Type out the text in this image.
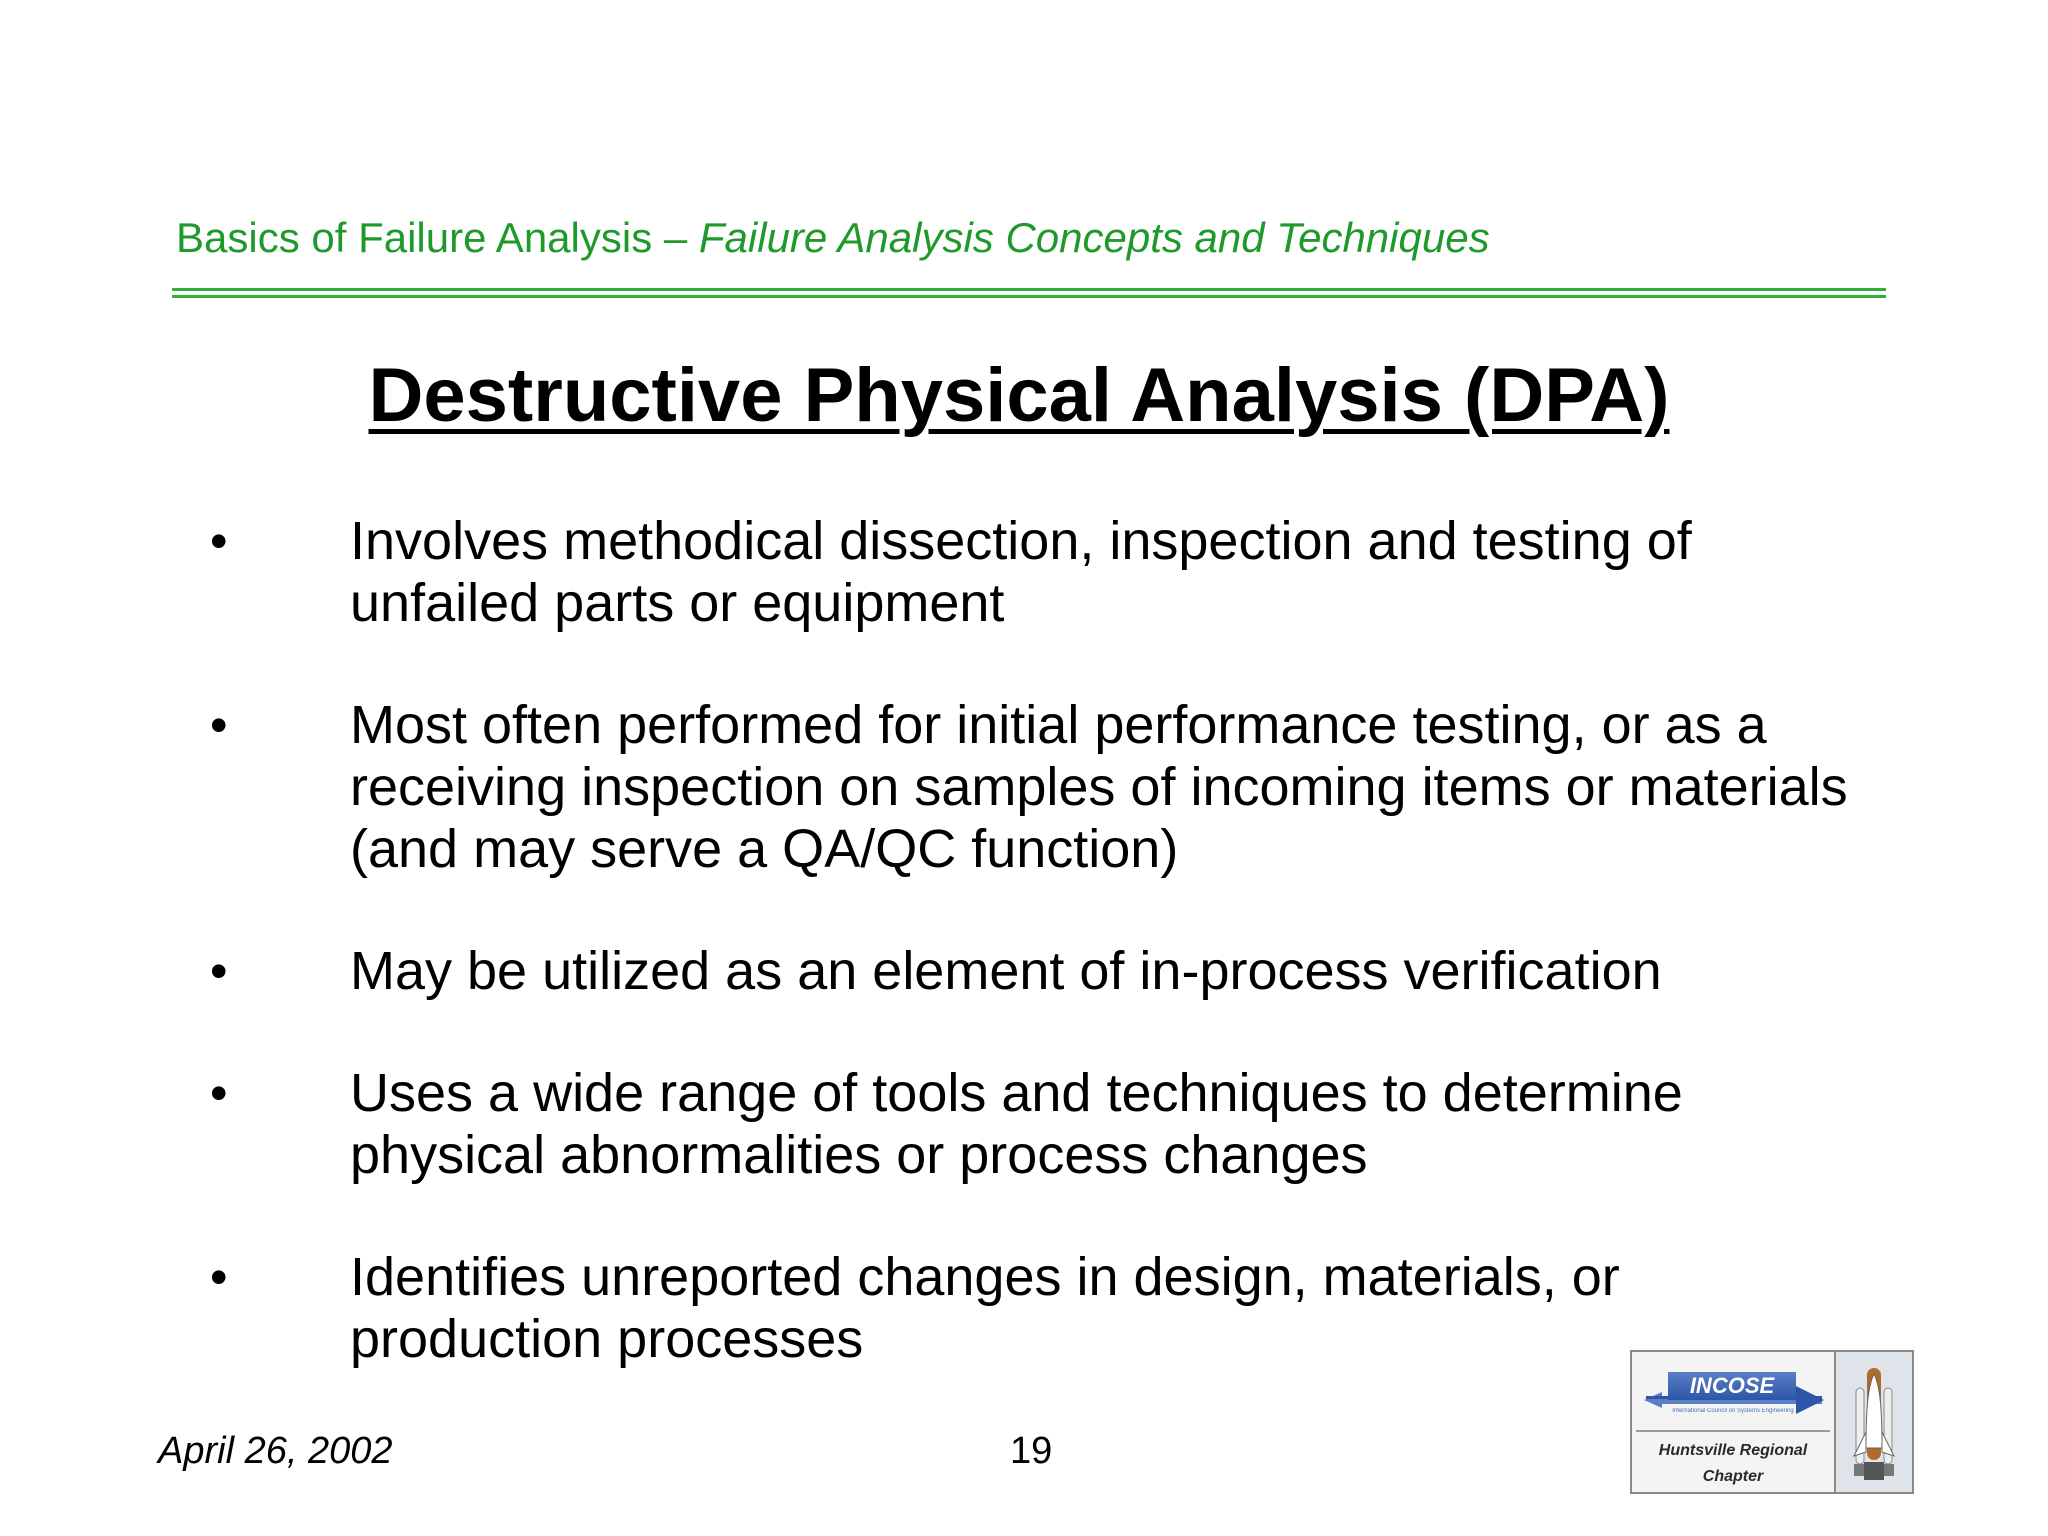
Basics of Failure Analysis – Failure Analysis Concepts and Techniques
Destructive Physical Analysis (DPA)
• Involves methodical dissection, inspection and testing of unfailed parts or equipment
• Most often performed for initial performance testing, or as a receiving inspection on samples of incoming items or materials (and may serve a QA/QC function)
• May be utilized as an element of in-process verification
• Uses a wide range of tools and techniques to determine physical abnormalities or process changes
• Identifies unreported changes in design, materials, or production processes
April 26, 2002	19
INCOSE
International Council on Systems Engineering
Huntsville Regional
Chapter
